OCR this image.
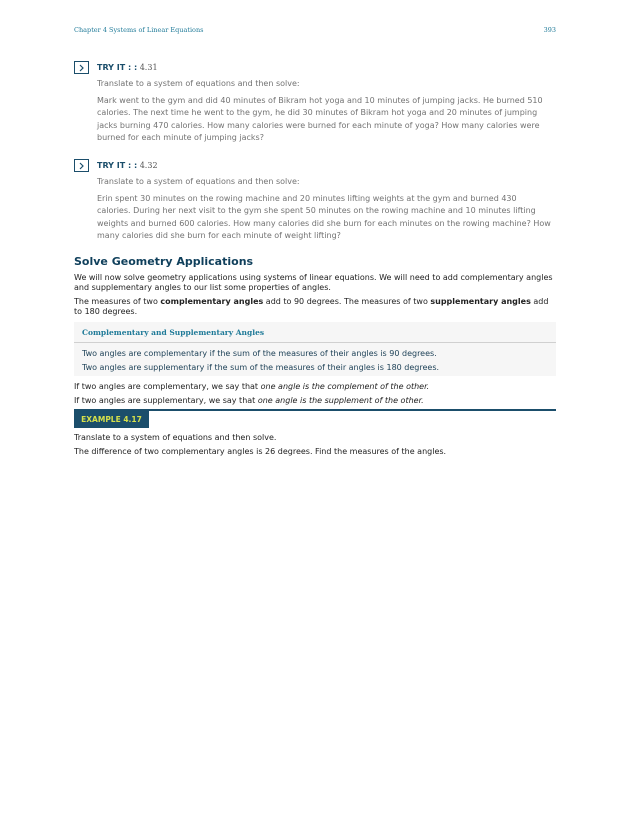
Chapter 4 Systems of Linear Equations	393
TRY IT : : 4.31

Translate to a system of equations and then solve:

Mark went to the gym and did 40 minutes of Bikram hot yoga and 10 minutes of jumping jacks. He burned 510 calories. The next time he went to the gym, he did 30 minutes of Bikram hot yoga and 20 minutes of jumping jacks burning 470 calories. How many calories were burned for each minute of yoga? How many calories were burned for each minute of jumping jacks?

TRY IT : : 4.32

Translate to a system of equations and then solve:

Erin spent 30 minutes on the rowing machine and 20 minutes lifting weights at the gym and burned 430 calories. During her next visit to the gym she spent 50 minutes on the rowing machine and 10 minutes lifting weights and burned 600 calories. How many calories did she burn for each minutes on the rowing machine? How many calories did she burn for each minute of weight lifting?

Solve Geometry Applications

We will now solve geometry applications using systems of linear equations. We will need to add complementary angles and supplementary angles to our list some properties of angles.

The measures of two complementary angles add to 90 degrees. The measures of two supplementary angles add to 180 degrees.

Complementary and Supplementary Angles
Two angles are complementary if the sum of the measures of their angles is 90 degrees.
Two angles are supplementary if the sum of the measures of their angles is 180 degrees.

If two angles are complementary, we say that one angle is the complement of the other.

If two angles are supplementary, we say that one angle is the supplement of the other.

EXAMPLE 4.17

Translate to a system of equations and then solve.

The difference of two complementary angles is 26 degrees. Find the measures of the angles.
